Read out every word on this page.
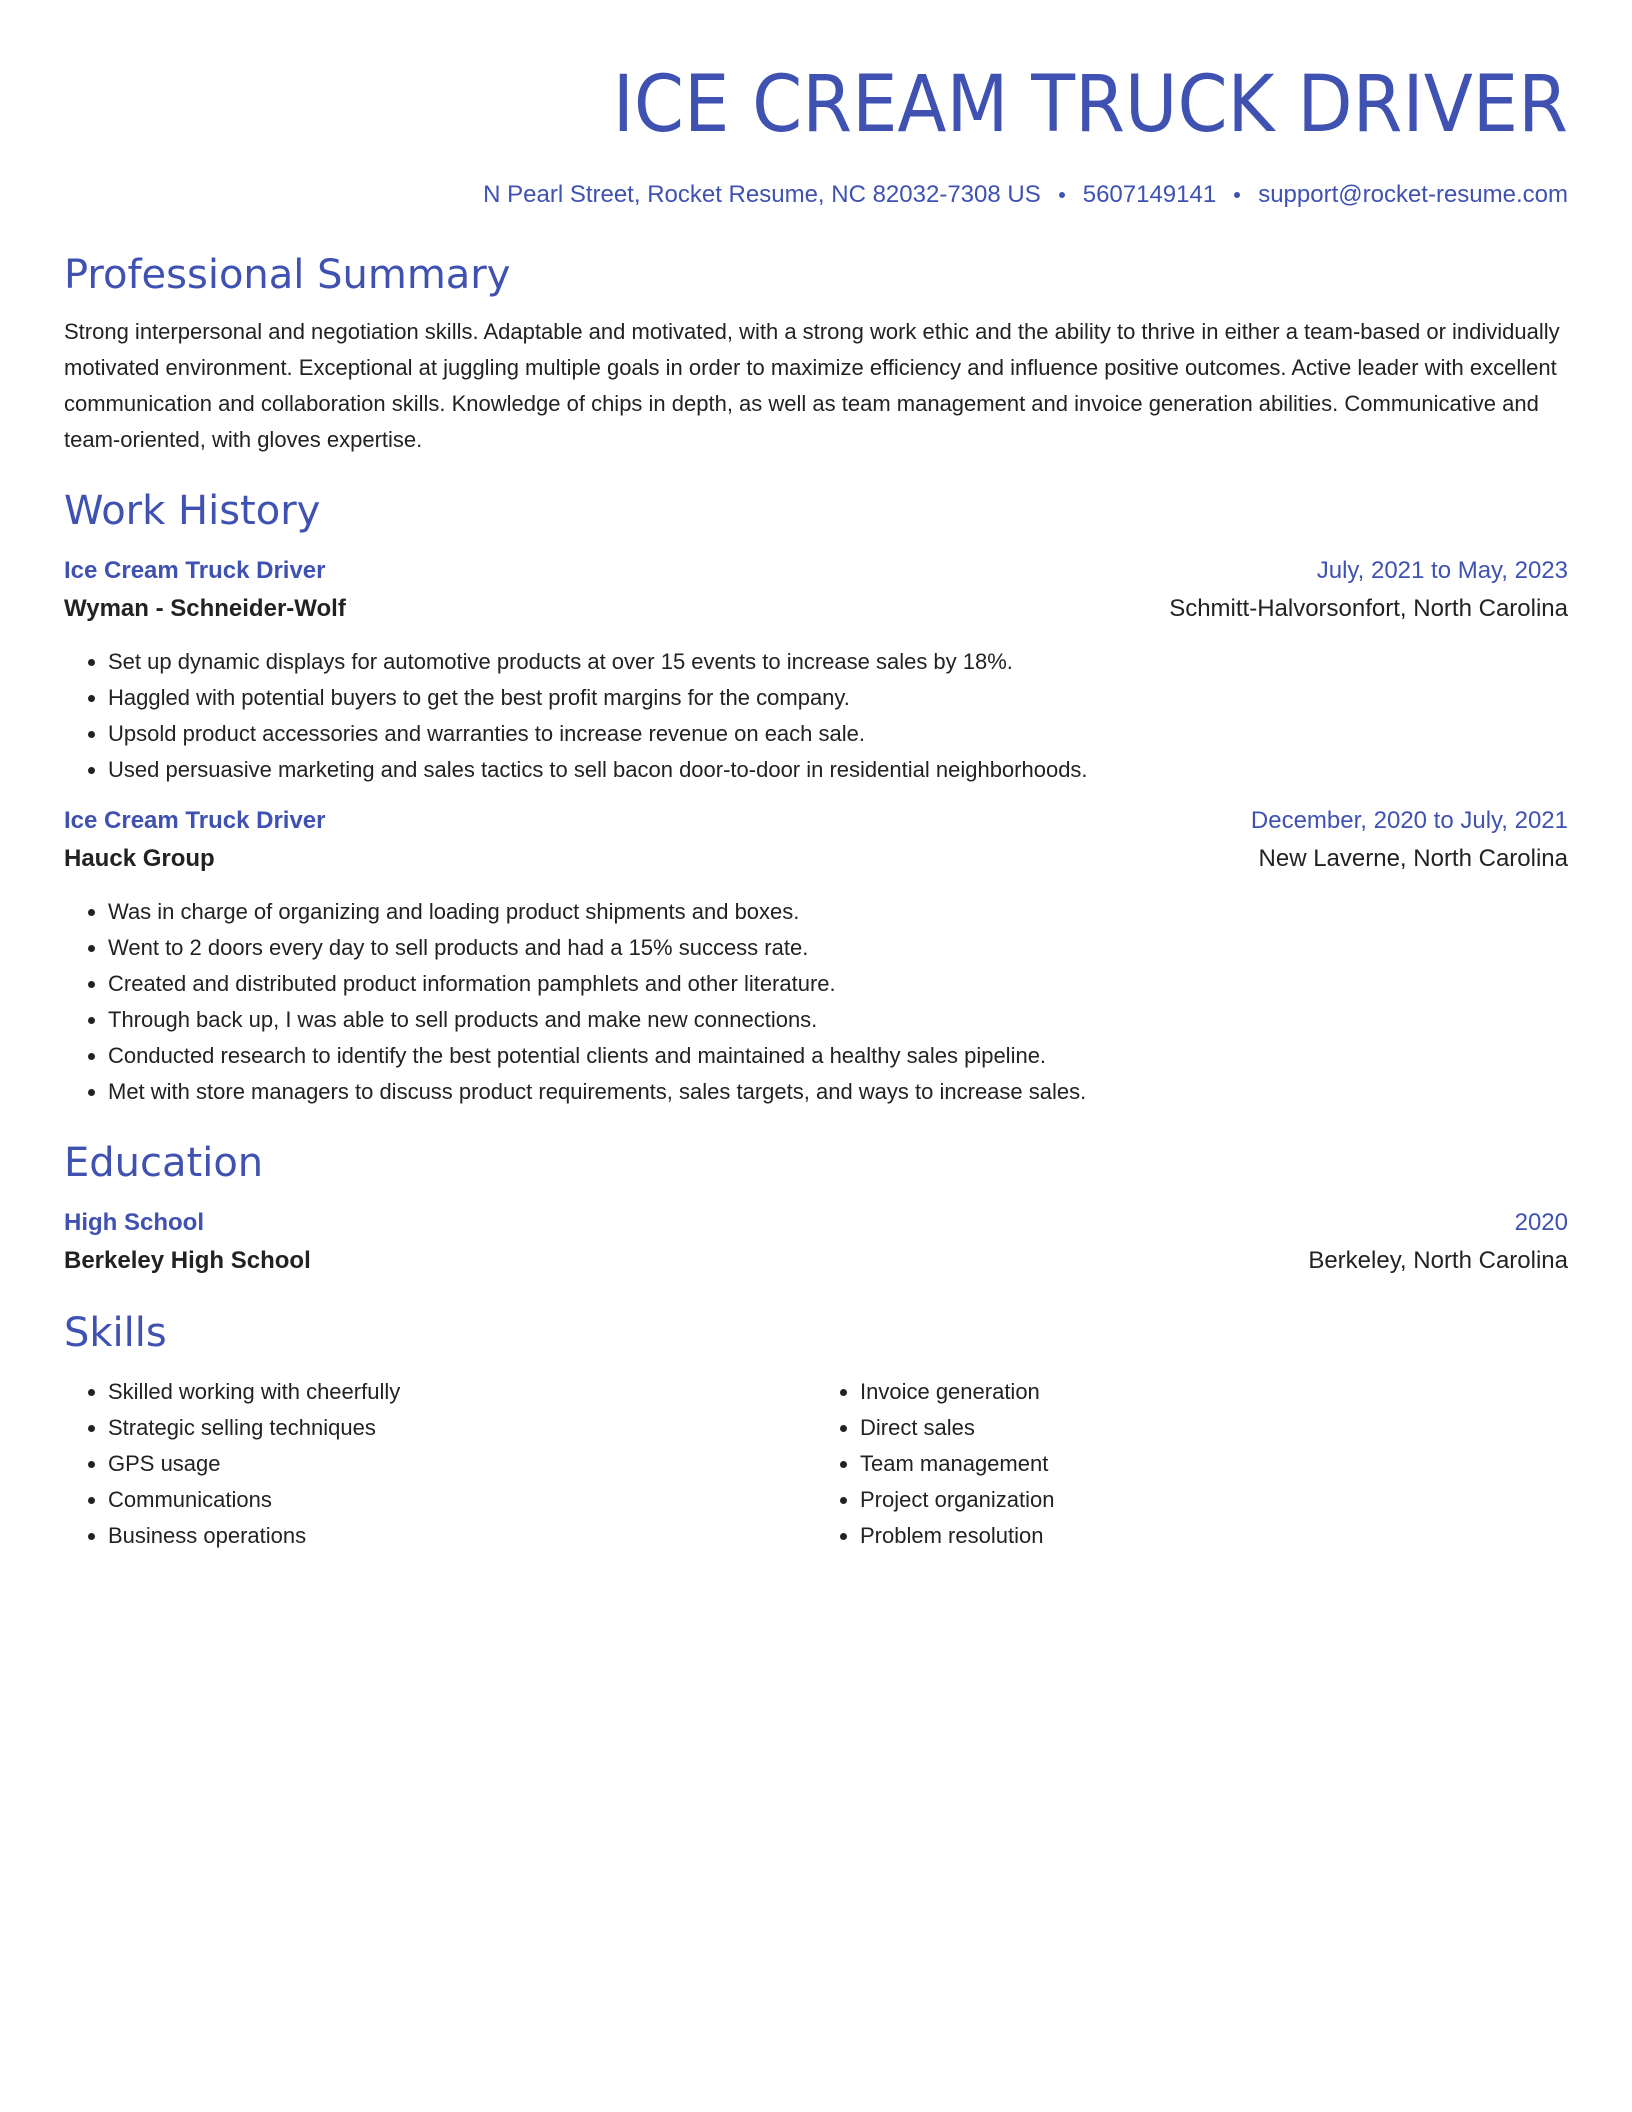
ICE CREAM TRUCK DRIVER
N Pearl Street, Rocket Resume, NC 82032-7308 US 5607149141 support@rocket-resume.com
Professional Summary
Strong interpersonal and negotiation skills. Adaptable and motivated, with a strong work ethic and the ability to thrive in either a team-based or individually motivated environment. Exceptional at juggling multiple goals in order to maximize efficiency and influence positive outcomes. Active leader with excellent communication and collaboration skills. Knowledge of chips in depth, as well as team management and invoice generation abilities. Communicative and team-oriented, with gloves expertise.
Work History
Ice Cream Truck Driver	July, 2021 to May, 2023
Wyman - Schneider-Wolf	Schmitt-Halvorsonfort, North Carolina
• Set up dynamic displays for automotive products at over 15 events to increase sales by 18%.
• Haggled with potential buyers to get the best profit margins for the company.
• Upsold product accessories and warranties to increase revenue on each sale.
• Used persuasive marketing and sales tactics to sell bacon door-to-door in residential neighborhoods.
Ice Cream Truck Driver	December, 2020 to July, 2021
Hauck Group	New Laverne, North Carolina
• Was in charge of organizing and loading product shipments and boxes.
• Went to 2 doors every day to sell products and had a 15% success rate.
• Created and distributed product information pamphlets and other literature.
• Through back up, I was able to sell products and make new connections.
• Conducted research to identify the best potential clients and maintained a healthy sales pipeline.
• Met with store managers to discuss product requirements, sales targets, and ways to increase sales.
Education
High School	2020
Berkeley High School	Berkeley, North Carolina
Skills
• Skilled working with cheerfully
• Strategic selling techniques
• GPS usage
• Communications
• Business operations
• Invoice generation
• Direct sales
• Team management
• Project organization
• Problem resolution
